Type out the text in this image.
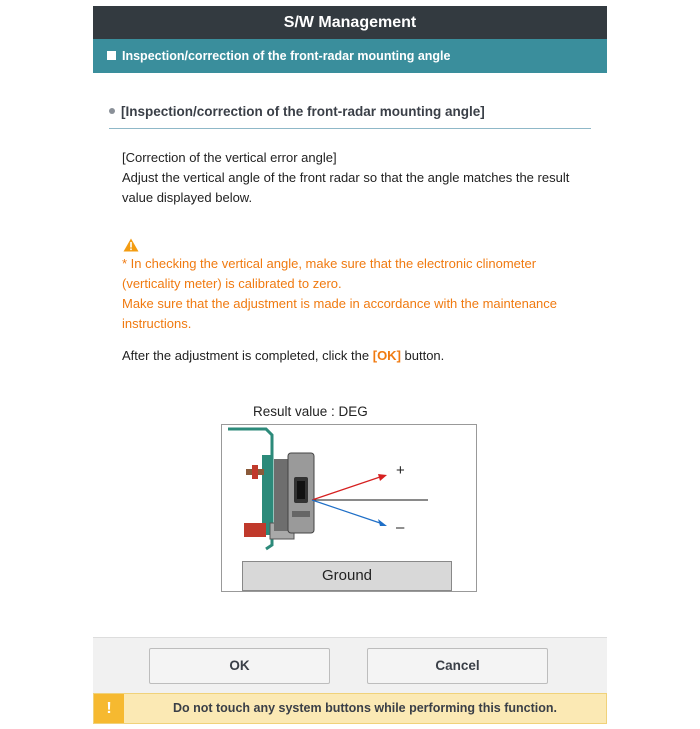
S/W Management
Inspection/correction of the front-radar mounting angle
[Inspection/correction of the front-radar mounting angle]
[Correction of the vertical error angle]
Adjust the vertical angle of the front radar so that the angle matches the result value displayed below.
* In checking the vertical angle, make sure that the electronic clinometer (verticality meter) is calibrated to zero.
Make sure that the adjustment is made in accordance with the maintenance instructions.
After the adjustment is completed, click the [OK] button.
Result value : DEG
+
–
Ground
OK	Cancel
!	Do not touch any system buttons while performing this function.
